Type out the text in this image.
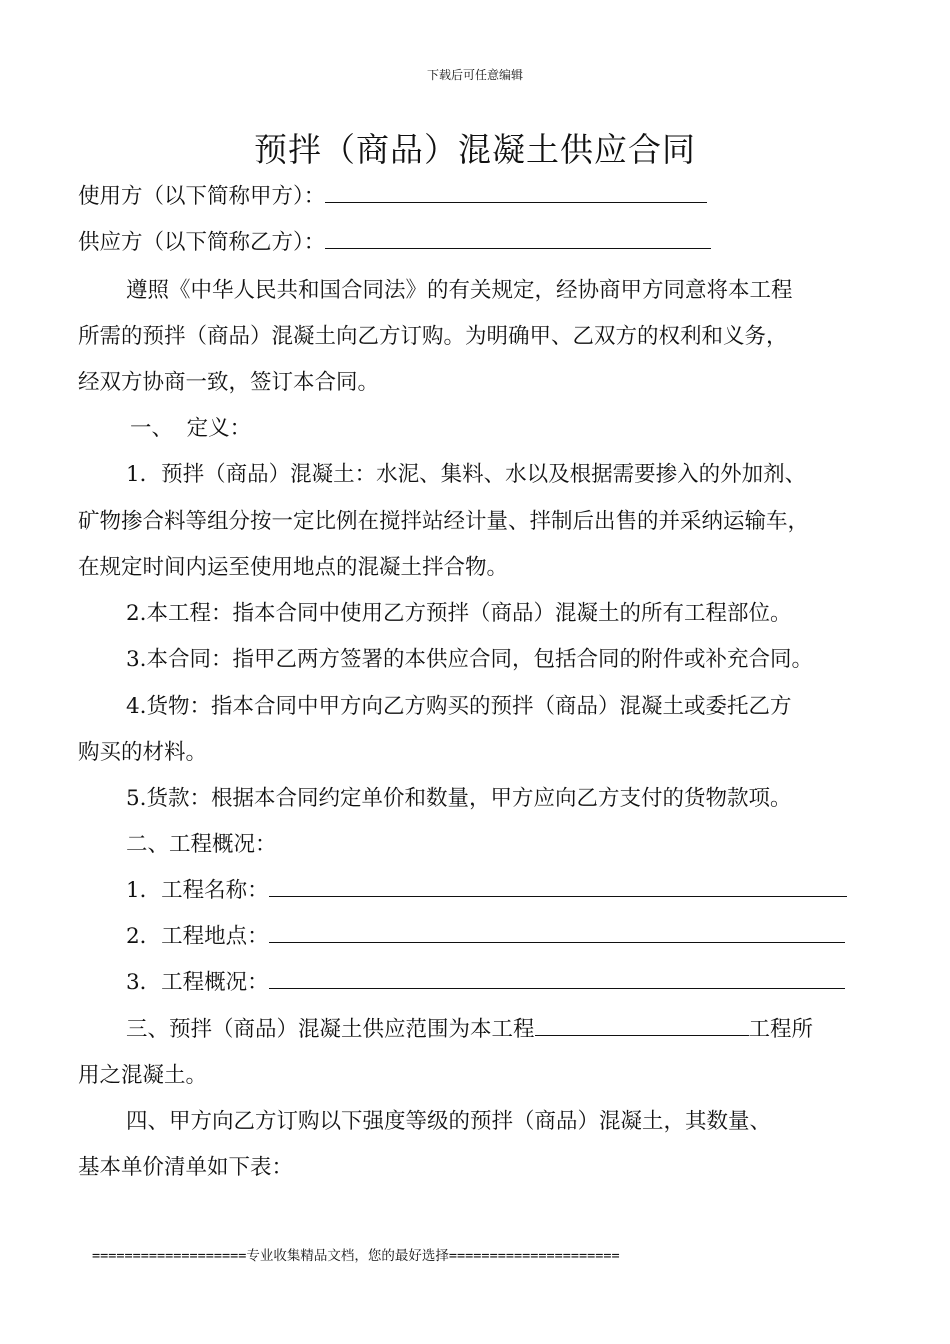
下载后可任意编辑
预拌（商品）混凝土供应合同
使用方（以下简称甲方）：
供应方（以下简称乙方）：
遵照《中华人民共和国合同法》的有关规定，经协商甲方同意将本工程
所需的预拌（商品）混凝土向乙方订购。为明确甲、乙双方的权利和义务，
经双方协商一致，签订本合同。
一、  定义：
1．预拌（商品）混凝土：水泥、集料、水以及根据需要掺入的外加剂、
矿物掺合料等组分按一定比例在搅拌站经计量、拌制后出售的并采纳运输车，
在规定时间内运至使用地点的混凝土拌合物。
2.本工程：指本合同中使用乙方预拌（商品）混凝土的所有工程部位。
3.本合同：指甲乙两方签署的本供应合同，包括合同的附件或补充合同。
4.货物：指本合同中甲方向乙方购买的预拌（商品）混凝土或委托乙方
购买的材料。
5.货款：根据本合同约定单价和数量，甲方应向乙方支付的货物款项。
二、工程概况：
1．工程名称：
2．工程地点：
3．工程概况：
三、预拌（商品）混凝土供应范围为本工程	工程所
用之混凝土。
四、甲方向乙方订购以下强度等级的预拌（商品）混凝土，其数量、
基本单价清单如下表：
===================专业收集精品文档，您的最好选择=====================
